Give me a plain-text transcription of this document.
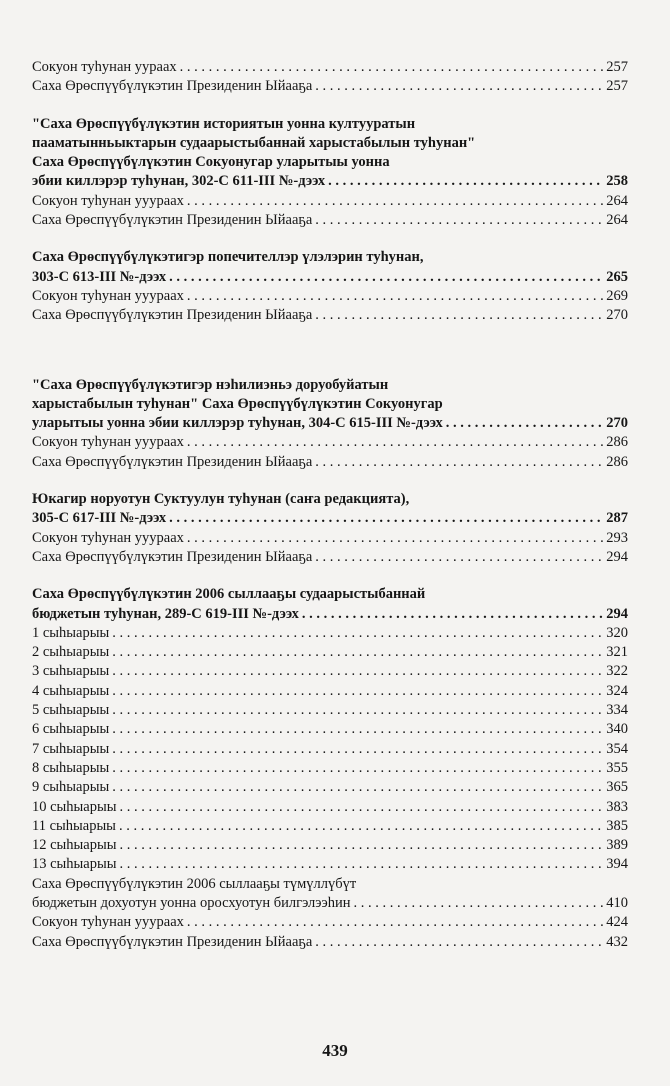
Сокуон туһунан уураах . . .	257
Саха Өрөспүүбүлүкэтин Президенин Ыйааҕа . . .	257
"Саха Өрөспүүбүлүкэтин историятын уонна култууратын
пааматынньыктарын судаарыстыбаннай харыстабылын туһунан"
Саха Өрөспүүбүлүкэтин Сокуонугар уларытыы уонна
эбии киллэрэр туһунан, 302-С 611-III №-дээх . . .	258
Сокуон туһунан ууураах . . .	264
Саха Өрөспүүбүлүкэтин Президенин Ыйааҕа . . .	264
Саха Өрөспүүбүлүкэтигэр попечителлэр үлэлэрин туһунан,
303-С 613-III №-дээх . . .	265
Сокуон туһунан ууураах . . .	269
Саха Өрөспүүбүлүкэтин Президенин Ыйааҕа . . .	270
"Саха Өрөспүүбүлүкэтигэр нэһилиэньэ доруобуйатын
харыстабылын туһунан" Саха Өрөспүүбүлүкэтин Сокуонугар
уларытыы уонна эбии киллэрэр туһунан, 304-С 615-III №-дээх . . .	270
Сокуон туһунан ууураах . . .	286
Саха Өрөспүүбүлүкэтин Президенин Ыйааҕа . . .	286
Юкагир норуотун Суктуулун туһунан (саҥа редакцията),
305-С 617-III №-дээх . . .	287
Сокуон туһунан ууураах . . .	293
Саха Өрөспүүбүлүкэтин Президенин Ыйааҕа . . .	294
Саха Өрөспүүбүлүкэтин 2006 сыллааҕы судаарыстыбаннай
бюджетын туһунан, 289-С 619-III №-дээх . . .	294
1 сыһыарыы . . .	320
2 сыһыарыы . . .	321
3 сыһыарыы . . .	322
4 сыһыарыы . . .	324
5 сыһыарыы . . .	334
6 сыһыарыы . . .	340
7 сыһыарыы . . .	354
8 сыһыарыы . . .	355
9 сыһыарыы . . .	365
10 сыһыарыы . . .	383
11 сыһыарыы . . .	385
12 сыһыарыы . . .	389
13 сыһыарыы . . .	394
Саха Өрөспүүбүлүкэтин 2006 сыллааҕы түмүллүбүт
бюджетын дохуотун уонна оросхуотун билгэлээһин . . .	410
Сокуон туһунан ууураах . . .	424
Саха Өрөспүүбүлүкэтин Президенин Ыйааҕа . . .	432
439
